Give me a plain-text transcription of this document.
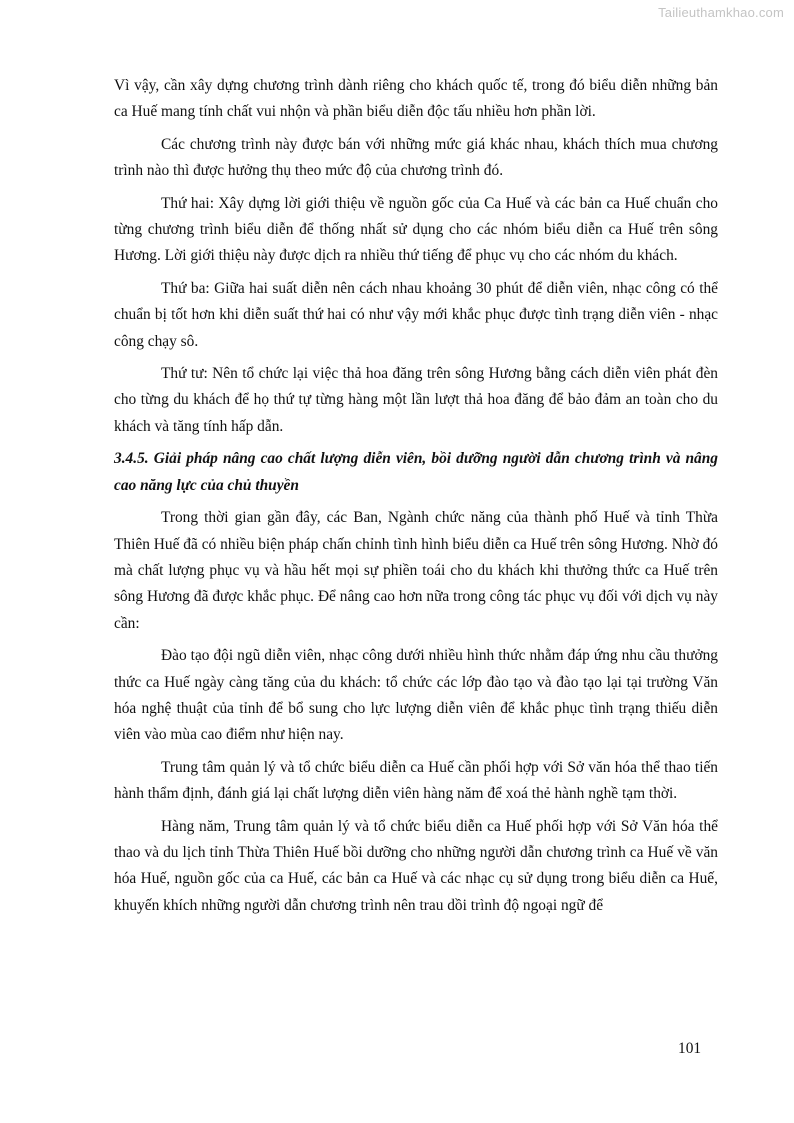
Tailieuthamkhao.com

Vì vậy, cần xây dựng chương trình dành riêng cho khách quốc tế, trong đó biểu diễn những bản ca Huế mang tính chất vui nhộn và phần biểu diễn độc tấu nhiều hơn phần lời.

Các chương trình này được bán với những mức giá khác nhau, khách thích mua chương trình nào thì được hưởng thụ theo mức độ của chương trình đó.

Thứ hai: Xây dựng lời giới thiệu về nguồn gốc của Ca Huế và các bản ca Huế chuẩn cho từng chương trình biểu diễn để thống nhất sử dụng cho các nhóm biểu diễn ca Huế trên sông Hương. Lời giới thiệu này được dịch ra nhiều thứ tiếng để phục vụ cho các nhóm du khách.

Thứ ba: Giữa hai suất diễn nên cách nhau khoảng 30 phút để diễn viên, nhạc công có thể chuẩn bị tốt hơn khi diễn suất thứ hai có như vậy mới khắc phục được tình trạng diễn viên - nhạc công chạy sô.

Thứ tư: Nên tổ chức lại việc thả hoa đăng trên sông Hương bằng cách diễn viên phát đèn cho từng du khách để họ thứ tự từng hàng một lần lượt thả hoa đăng để bảo đảm an toàn cho du khách và tăng tính hấp dẫn.

3.4.5. Giải pháp nâng cao chất lượng diễn viên, bồi dưỡng người dẫn chương trình và nâng cao năng lực của chủ thuyền

Trong thời gian gần đây, các Ban, Ngành chức năng của thành phố Huế và tỉnh Thừa Thiên Huế đã có nhiều biện pháp chấn chỉnh tình hình biểu diễn ca Huế trên sông Hương. Nhờ đó mà chất lượng phục vụ và hầu hết mọi sự phiền toái cho du khách khi thưởng thức ca Huế trên sông Hương đã được khắc phục. Để nâng cao hơn nữa trong công tác phục vụ đối với dịch vụ này cần:

Đào tạo đội ngũ diễn viên, nhạc công dưới nhiều hình thức nhằm đáp ứng nhu cầu thưởng thức ca Huế ngày càng tăng của du khách: tổ chức các lớp đào tạo và đào tạo lại tại trường Văn hóa nghệ thuật của tỉnh để bổ sung cho lực lượng diễn viên để khắc phục tình trạng thiếu diễn viên vào mùa cao điểm như hiện nay.

Trung tâm quản lý và tổ chức biểu diễn ca Huế cần phối hợp với Sở văn hóa thể thao tiến hành thẩm định, đánh giá lại chất lượng diễn viên hàng năm để xoá thẻ hành nghề tạm thời.

Hàng năm, Trung tâm quản lý và tổ chức biểu diễn ca Huế phối hợp với Sở Văn hóa thể thao và du lịch tỉnh Thừa Thiên Huế bồi dưỡng cho những người dẫn chương trình ca Huế về văn hóa Huế, nguồn gốc của ca Huế, các bản ca Huế và các nhạc cụ sử dụng trong biểu diễn ca Huế, khuyến khích những người dẫn chương trình nên trau dồi trình độ ngoại ngữ để

101
